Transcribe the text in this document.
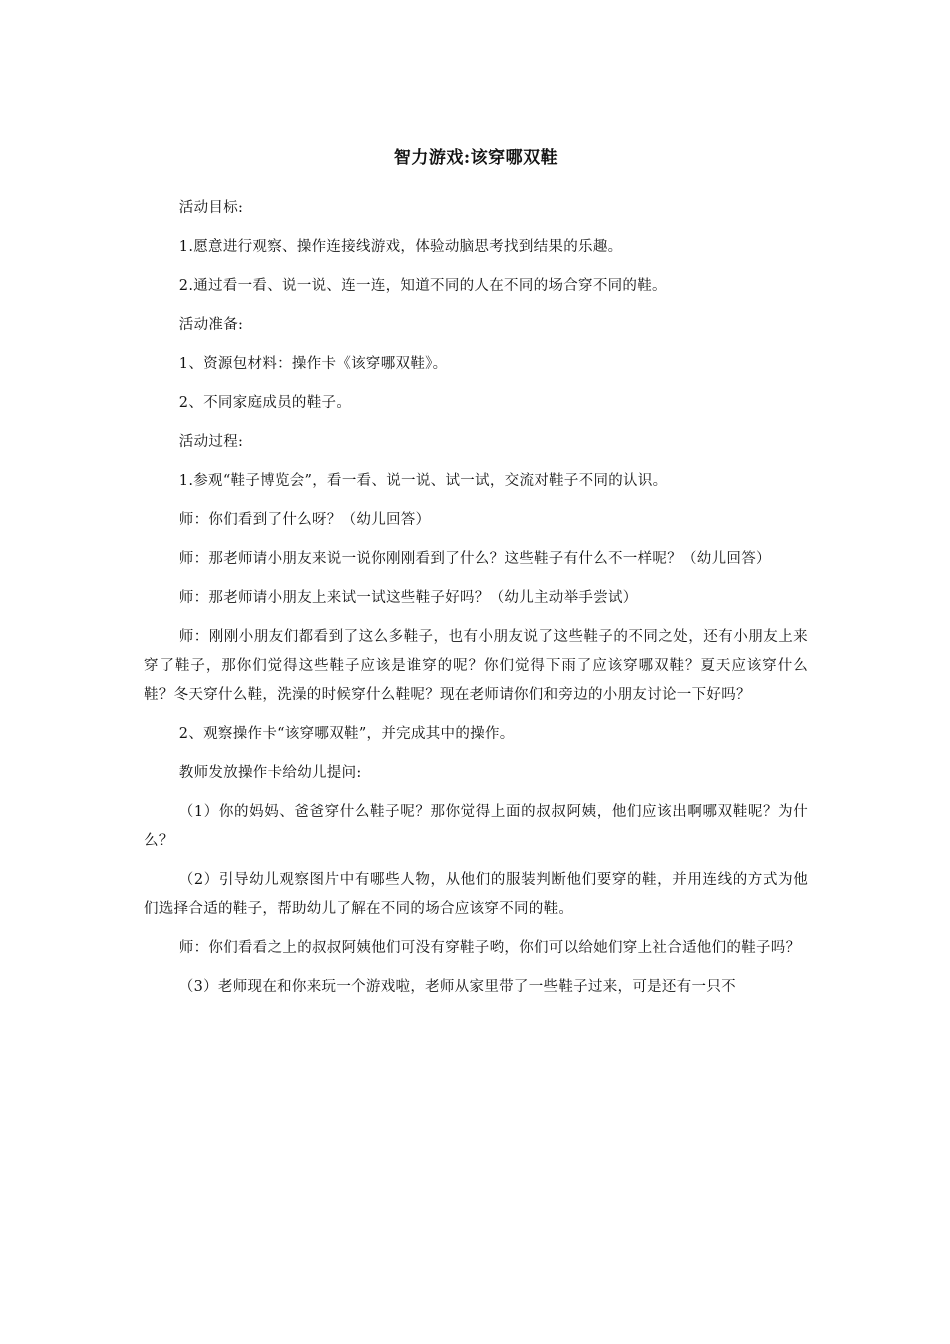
智力游戏:该穿哪双鞋

活动目标:

1.愿意进行观察、操作连接线游戏，体验动脑思考找到结果的乐趣。

2.通过看一看、说一说、连一连，知道不同的人在不同的场合穿不同的鞋。

活动准备:

1、资源包材料：操作卡《该穿哪双鞋》。

2、不同家庭成员的鞋子。

活动过程:

1.参观“鞋子博览会”，看一看、说一说、试一试，交流对鞋子不同的认识。

师：你们看到了什么呀？（幼儿回答）

师：那老师请小朋友来说一说你刚刚看到了什么？这些鞋子有什么不一样呢？（幼儿回答）

师：那老师请小朋友上来试一试这些鞋子好吗？（幼儿主动举手尝试）

师：刚刚小朋友们都看到了这么多鞋子，也有小朋友说了这些鞋子的不同之处，还有小朋友上来穿了鞋子，那你们觉得这些鞋子应该是谁穿的呢？你们觉得下雨了应该穿哪双鞋？夏天应该穿什么鞋？冬天穿什么鞋，洗澡的时候穿什么鞋呢？现在老师请你们和旁边的小朋友讨论一下好吗？

2、观察操作卡“该穿哪双鞋”，并完成其中的操作。

教师发放操作卡给幼儿提问:

（1）你的妈妈、爸爸穿什么鞋子呢？那你觉得上面的叔叔阿姨，他们应该出啊哪双鞋呢？为什么？

（2）引导幼儿观察图片中有哪些人物，从他们的服装判断他们要穿的鞋，并用连线的方式为他们选择合适的鞋子，帮助幼儿了解在不同的场合应该穿不同的鞋。

师：你们看看之上的叔叔阿姨他们可没有穿鞋子哟，你们可以给她们穿上社合适他们的鞋子吗？

（3）老师现在和你来玩一个游戏啦，老师从家里带了一些鞋子过来，可是还有一只不
